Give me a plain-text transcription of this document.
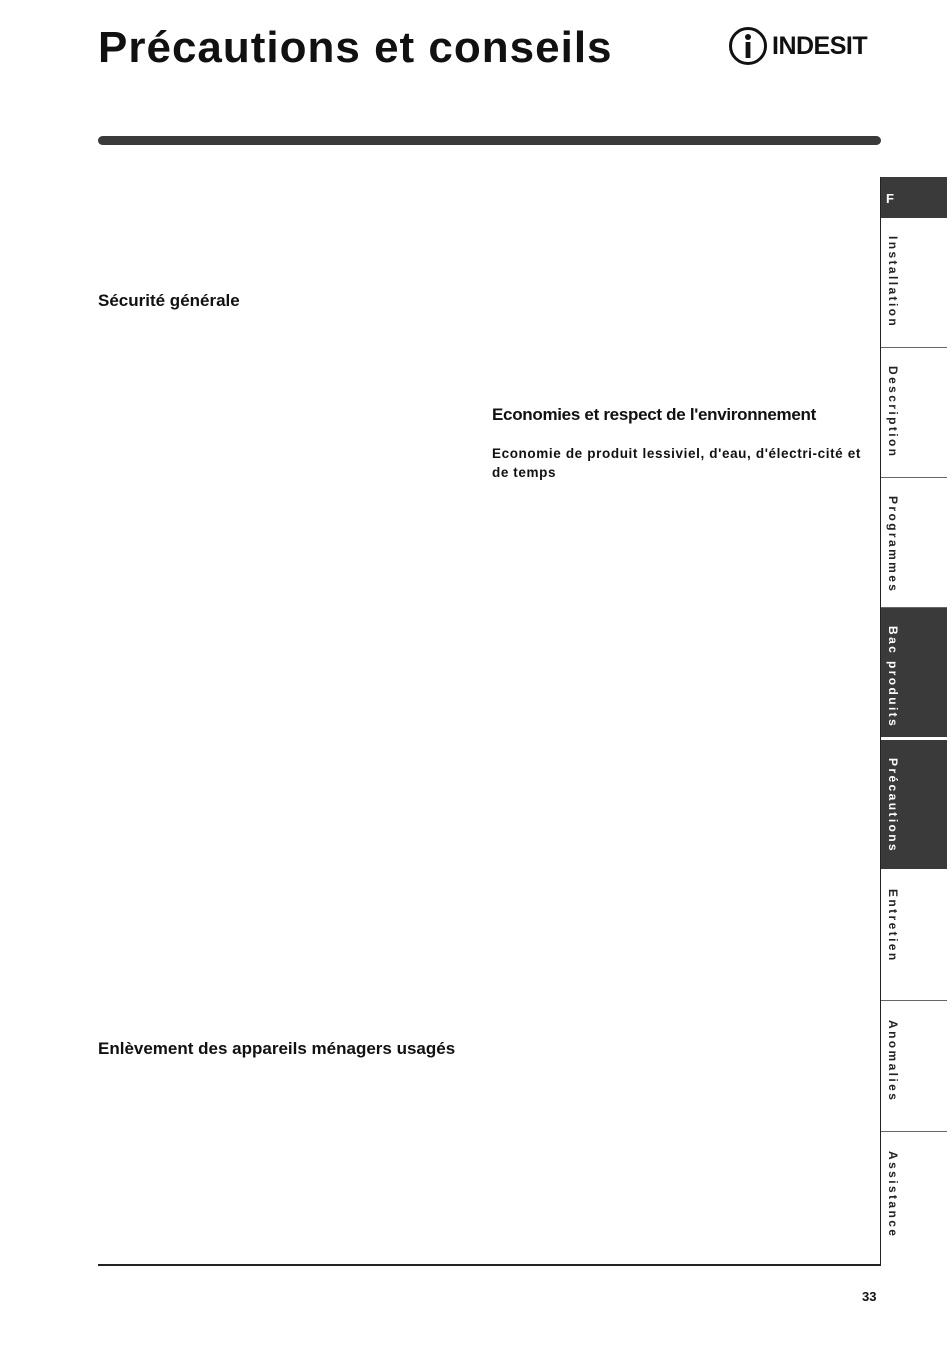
Précautions et conseils	INDESIT
Sécurité générale
Economies et respect de l'environnement
Economie de produit lessiviel, d'eau, d'électri-cité et de temps
Enlèvement des appareils ménagers usagés
33
F
Installation
Description
Programmes
Bac produits
Précautions
Entretien
Anomalies
Assistance
